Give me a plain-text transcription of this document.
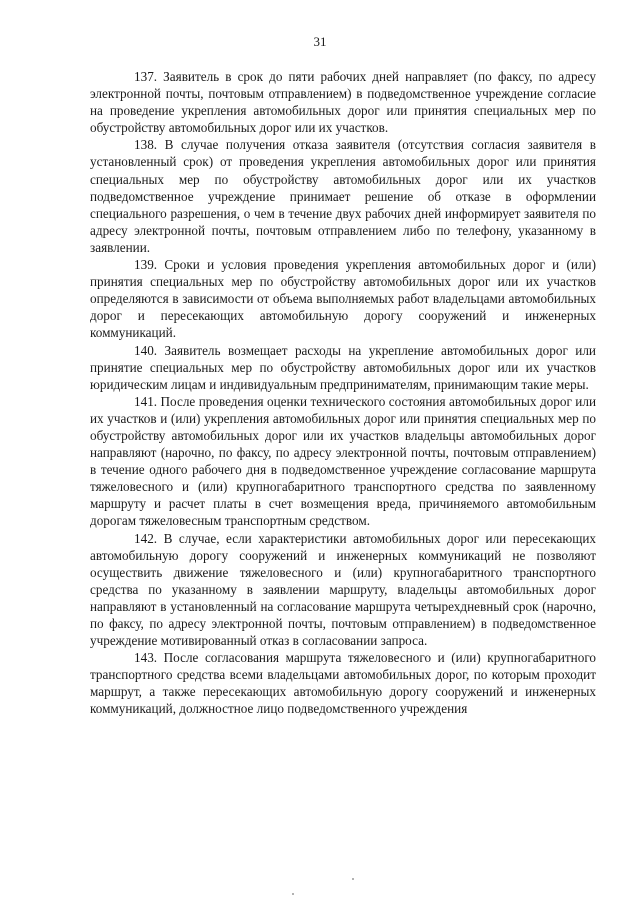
31

137. Заявитель в срок до пяти рабочих дней направляет (по факсу, по адресу электронной почты, почтовым отправлением) в подведомственное учреждение согласие на проведение укрепления автомобильных дорог или принятия специальных мер по обустройству автомобильных дорог или их участков.

138. В случае получения отказа заявителя (отсутствия согласия заявителя в установленный срок) от проведения укрепления автомобильных дорог или принятия специальных мер по обустройству автомобильных дорог или их участков подведомственное учреждение принимает решение об отказе в оформлении специального разрешения, о чем в течение двух рабочих дней информирует заявителя по адресу электронной почты, почтовым отправлением либо по телефону, указанному в заявлении.

139. Сроки и условия проведения укрепления автомобильных дорог и (или) принятия специальных мер по обустройству автомобильных дорог или их участков определяются в зависимости от объема выполняемых работ владельцами автомобильных дорог и пересекающих автомобильную дорогу сооружений и инженерных коммуникаций.

140. Заявитель возмещает расходы на укрепление автомобильных дорог или принятие специальных мер по обустройству автомобильных дорог или их участков юридическим лицам и индивидуальным предпринимателям, принимающим такие меры.

141. После проведения оценки технического состояния автомобильных дорог или их участков и (или) укрепления автомобильных дорог или принятия специальных мер по обустройству автомобильных дорог или их участков владельцы автомобильных дорог направляют (нарочно, по факсу, по адресу электронной почты, почтовым отправлением) в течение одного рабочего дня в подведомственное учреждение согласование маршрута тяжеловесного и (или) крупногабаритного транспортного средства по заявленному маршруту и расчет платы в счет возмещения вреда, причиняемого автомобильным дорогам тяжеловесным транспортным средством.

142. В случае, если характеристики автомобильных дорог или пересекающих автомобильную дорогу сооружений и инженерных коммуникаций не позволяют осуществить движение тяжеловесного и (или) крупногабаритного транспортного средства по указанному в заявлении маршруту, владельцы автомобильных дорог направляют в установленный на согласование маршрута четырехдневный срок (нарочно, по факсу, по адресу электронной почты, почтовым отправлением) в подведомственное учреждение мотивированный отказ в согласовании запроса.

143. После согласования маршрута тяжеловесного и (или) крупногабаритного транспортного средства всеми владельцами автомобильных дорог, по которым проходит маршрут, а также пересекающих автомобильную дорогу сооружений и инженерных коммуникаций, должностное лицо подведомственного учреждения
